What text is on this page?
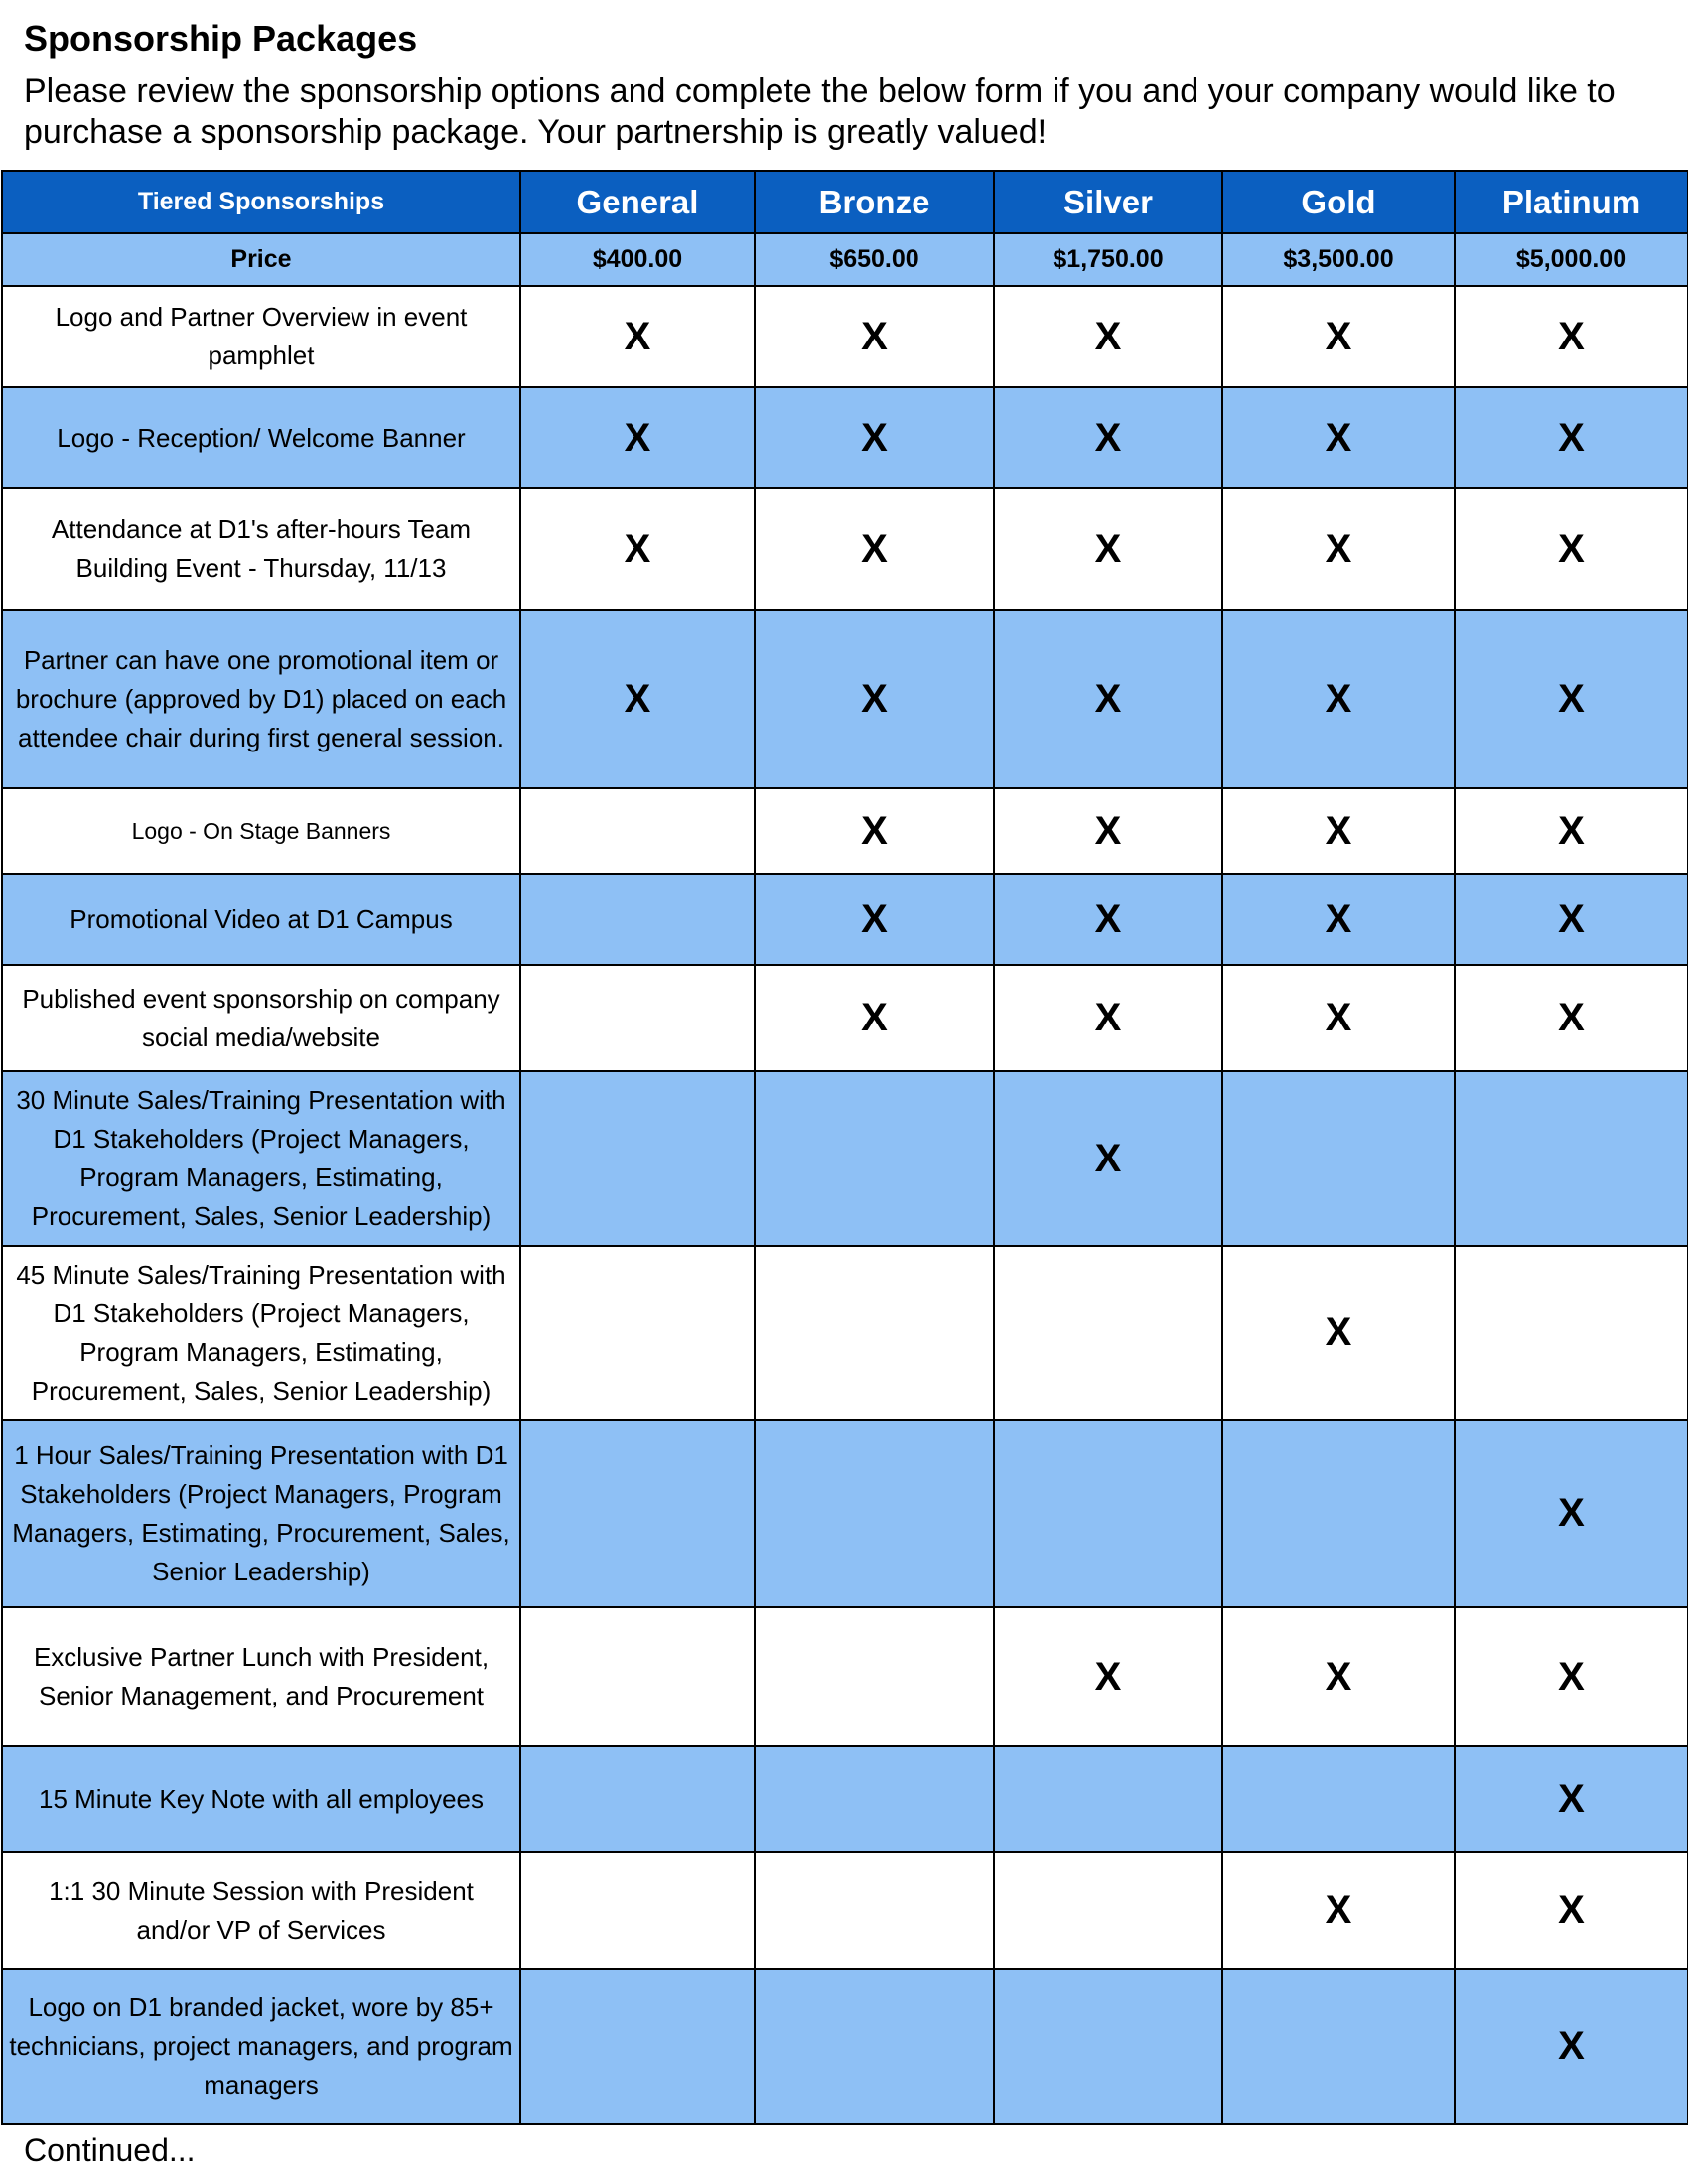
Sponsorship Packages
Please review the sponsorship options and complete the below form if you and your company would like to purchase a sponsorship package. Your partnership is greatly valued!
Tiered Sponsorships	General	Bronze	Silver	Gold	Platinum
Price	$400.00	$650.00	$1,750.00	$3,500.00	$5,000.00
Logo and Partner Overview in event pamphlet	X	X	X	X	X
Logo - Reception/ Welcome Banner	X	X	X	X	X
Attendance at D1's after-hours Team Building Event - Thursday, 11/13	X	X	X	X	X
Partner can have one promotional item or brochure (approved by D1) placed on each attendee chair during first general session.	X	X	X	X	X
Logo - On Stage Banners		X	X	X	X
Promotional Video at D1 Campus		X	X	X	X
Published event sponsorship on company social media/website		X	X	X	X
30 Minute Sales/Training Presentation with D1 Stakeholders (Project Managers, Program Managers, Estimating, Procurement, Sales, Senior Leadership)			X		
45 Minute Sales/Training Presentation with D1 Stakeholders (Project Managers, Program Managers, Estimating, Procurement, Sales, Senior Leadership)				X	
1 Hour Sales/Training Presentation with D1 Stakeholders (Project Managers, Program Managers, Estimating, Procurement, Sales, Senior Leadership)					X
Exclusive Partner Lunch with President, Senior Management, and Procurement			X	X	X
15 Minute Key Note with all employees					X
1:1 30 Minute Session with President and/or VP of Services				X	X
Logo on D1 branded jacket, wore by 85+ technicians, project managers, and program managers					X
Continued...
